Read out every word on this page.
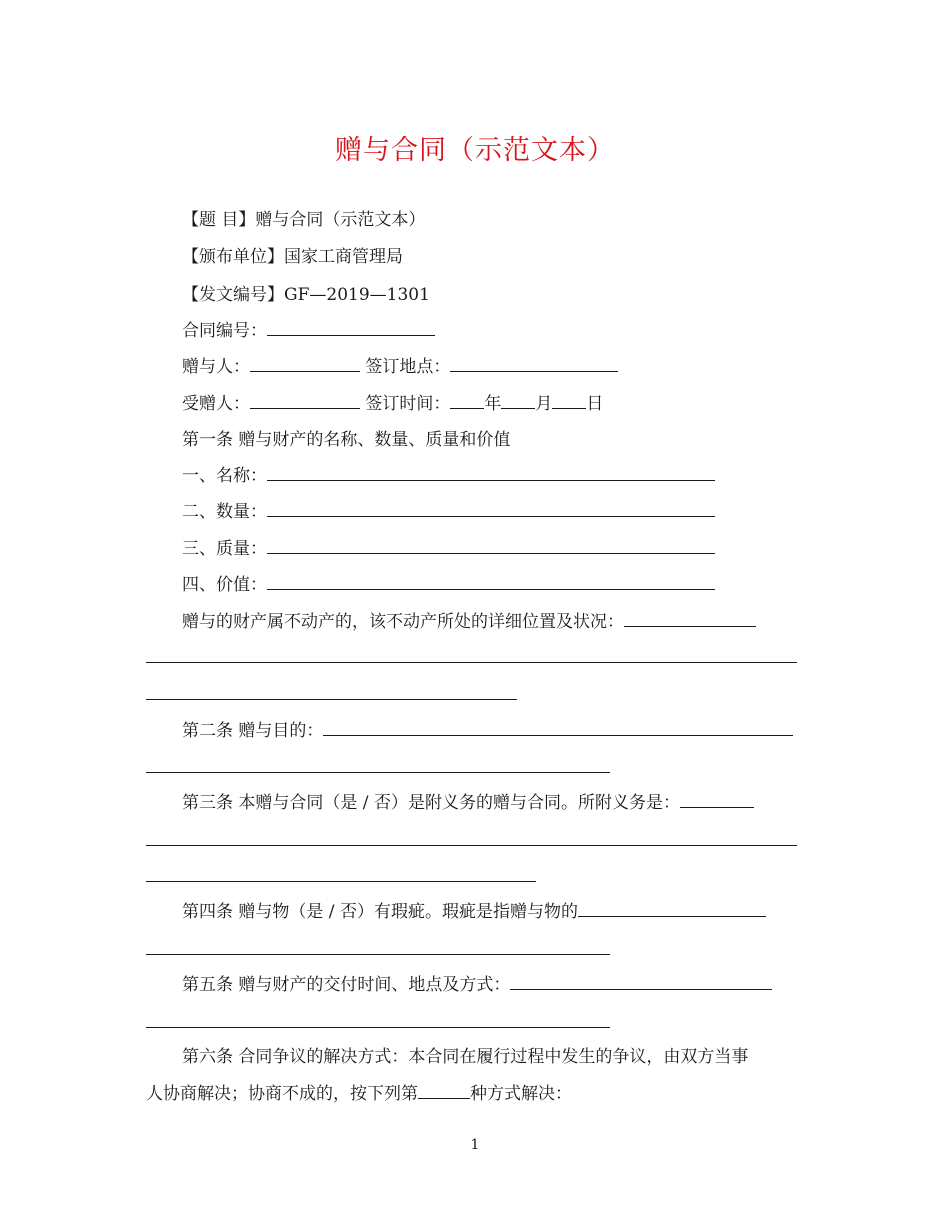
赠与合同（示范文本）
【题 目】赠与合同（示范文本）
【颁布单位】国家工商管理局
【发文编号】GF—2019—1301
合同编号：
赠与人：	签订地点：
受赠人：	签订时间： 年 月 日
第一条 赠与财产的名称、数量、质量和价值
一、名称：
二、数量：
三、质量：
四、价值：
赠与的财产属不动产的，该不动产所处的详细位置及状况：
第二条 赠与目的：
第三条 本赠与合同（是 / 否）是附义务的赠与合同。所附义务是：
第四条 赠与物（是 / 否）有瑕疵。瑕疵是指赠与物的
第五条 赠与财产的交付时间、地点及方式：
第六条 合同争议的解决方式：本合同在履行过程中发生的争议，由双方当事
人协商解决；协商不成的，按下列第	种方式解决：
1
